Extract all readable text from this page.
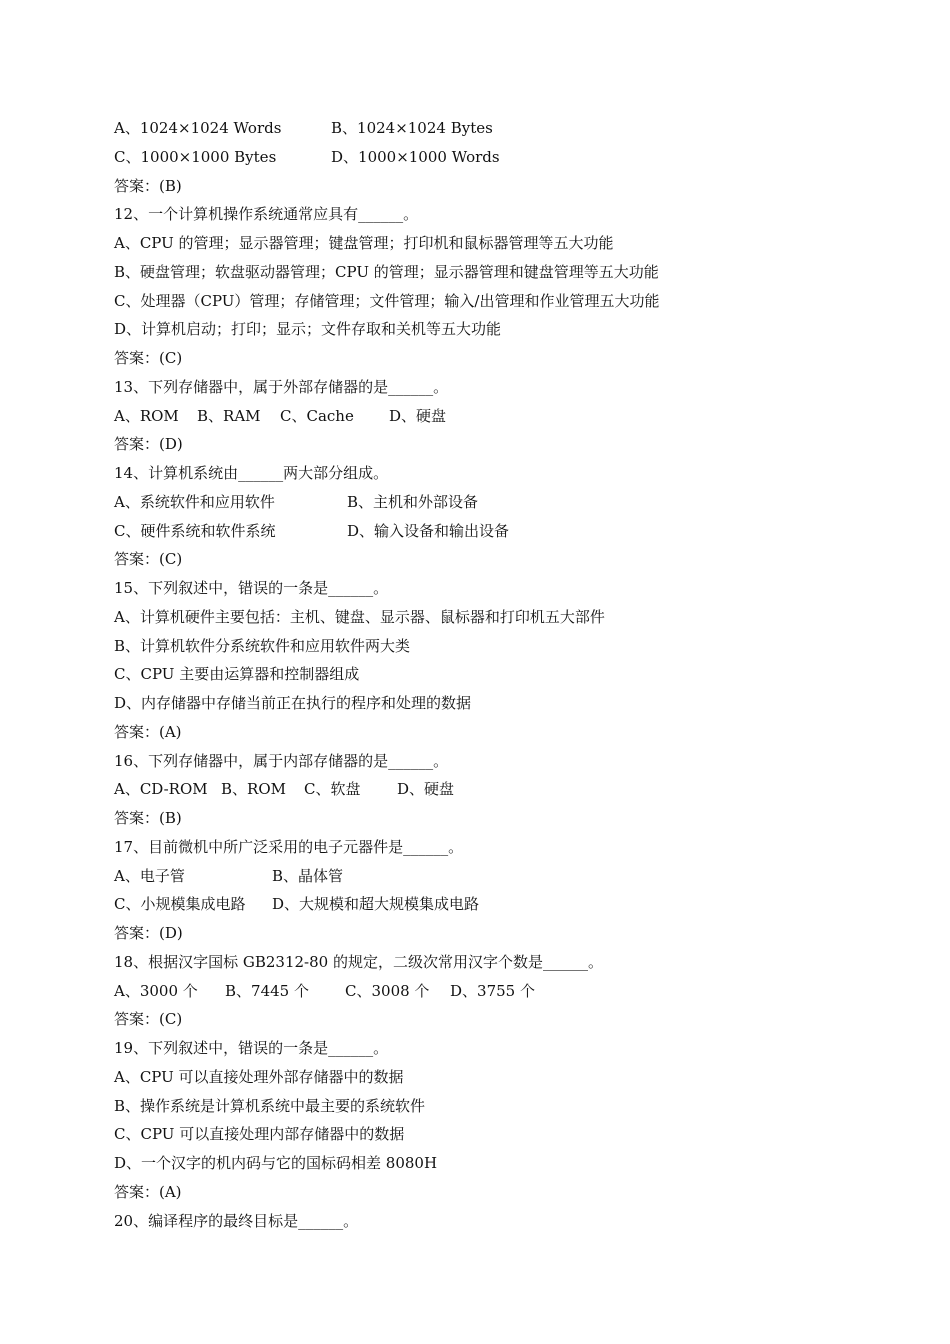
A、1024×1024 Words	B、1024×1024 Bytes
C、1000×1000 Bytes	D、1000×1000 Words
答案：(B)
12、一个计算机操作系统通常应具有______。
A、CPU 的管理；显示器管理；键盘管理；打印机和鼠标器管理等五大功能
B、硬盘管理；软盘驱动器管理；CPU 的管理；显示器管理和键盘管理等五大功能
C、处理器（CPU）管理；存储管理；文件管理；输入/出管理和作业管理五大功能
D、计算机启动；打印；显示；文件存取和关机等五大功能
答案：(C)
13、下列存储器中，属于外部存储器的是______。
A、ROM B、RAM C、Cache D、硬盘
答案：(D)
14、计算机系统由______两大部分组成。
A、系统软件和应用软件	B、主机和外部设备
C、硬件系统和软件系统	D、输入设备和输出设备
答案：(C)
15、下列叙述中，错误的一条是______。
A、计算机硬件主要包括：主机、键盘、显示器、鼠标器和打印机五大部件
B、计算机软件分系统软件和应用软件两大类
C、CPU 主要由运算器和控制器组成
D、内存储器中存储当前正在执行的程序和处理的数据
答案：(A)
16、下列存储器中，属于内部存储器的是______。
A、CD-ROM B、ROM C、软盘 D、硬盘
答案：(B)
17、目前微机中所广泛采用的电子元器件是______。
A、电子管	B、晶体管
C、小规模集成电路 D、大规模和超大规模集成电路
答案：(D)
18、根据汉字国标 GB2312-80 的规定，二级次常用汉字个数是______。
A、3000 个 B、7445 个 C、3008 个 D、3755 个
答案：(C)
19、下列叙述中，错误的一条是______。
A、CPU 可以直接处理外部存储器中的数据
B、操作系统是计算机系统中最主要的系统软件
C、CPU 可以直接处理内部存储器中的数据
D、一个汉字的机内码与它的国标码相差 8080H
答案：(A)
20、编译程序的最终目标是______。
